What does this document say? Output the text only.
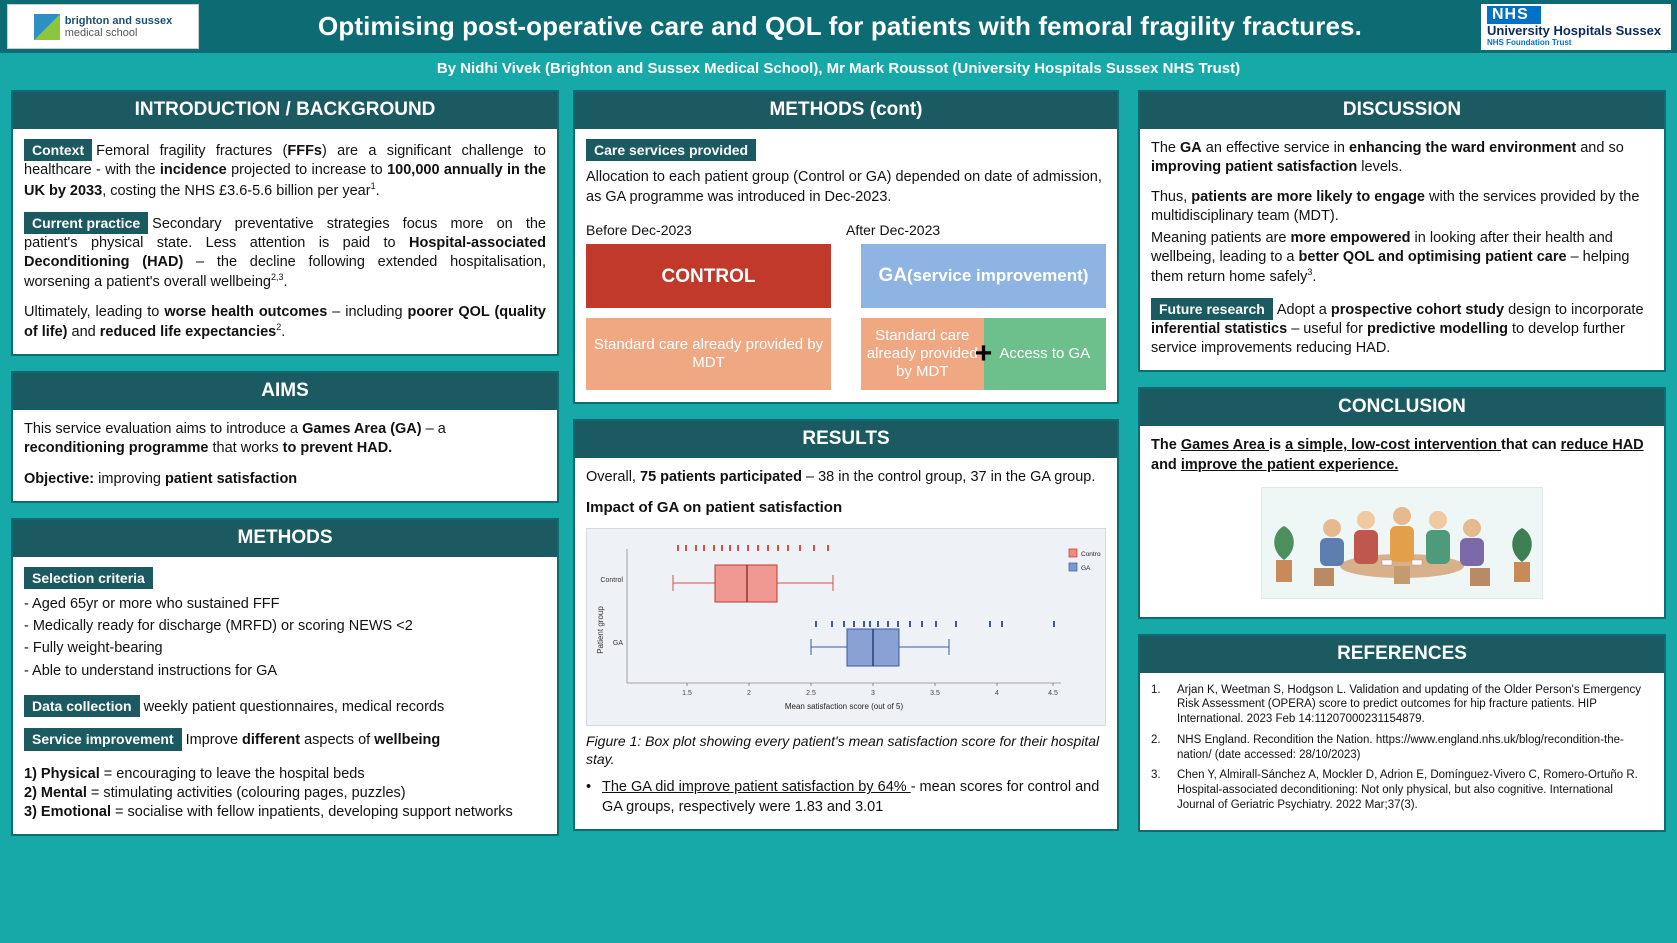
brighton and sussex
medical school	Optimising post-operative care and QOL for patients with femoral fragility fractures.	NHS
University Hospitals Sussex
NHS Foundation Trust
By Nidhi Vivek (Brighton and Sussex Medical School), Mr Mark Roussot (University Hospitals Sussex NHS Trust)
INTRODUCTION / BACKGROUND

Context Femoral fragility fractures (FFFs) are a significant challenge to healthcare - with the incidence projected to increase to 100,000 annually in the UK by 2033, costing the NHS £3.6-5.6 billion per year$^1$.

Current practice Secondary preventative strategies focus more on the patient's physical state. Less attention is paid to Hospital-associated Deconditioning (HAD) – the decline following extended hospitalisation, worsening a patient's overall wellbeing$^{2,3}$.

Ultimately, leading to worse health outcomes – including poorer QOL (quality of life) and reduced life expectancies$^2$.

AIMS

This service evaluation aims to introduce a Games Area (GA) – a reconditioning programme that works to prevent HAD.

Objective: improving patient satisfaction

METHODS

Selection criteria

- Aged 65yr or more who sustained FFF
- Medically ready for discharge (MRFD) or scoring NEWS <2
- Fully weight-bearing
- Able to understand instructions for GA

Data collection weekly patient questionnaires, medical records

Service improvement Improve different aspects of wellbeing

1) Physical = encouraging to leave the hospital beds
2) Mental = stimulating activities (colouring pages, puzzles)
3) Emotional = socialise with fellow inpatients, developing support networks

METHODS (cont)

Care services provided

Allocation to each patient group (Control or GA) depended on date of admission, as GA programme was introduced in Dec-2023.

Before Dec-2023	After Dec-2023
CONTROL
Standard care already provided by MDT
GA (service improvement)
Standard care already provided by MDT
Access to GA
+
RESULTS

Overall, 75 patients participated – 38 in the control group, 37 in the GA group.

Impact of GA on patient satisfaction

Patient group
1.5	2	2.5	3	3.5	4	4.5
Mean satisfaction score (out of 5)
Control
GA
Control
GA
Figure 1: Box plot showing every patient's mean satisfaction score for their hospital stay.
• The GA did improve patient satisfaction by 64% - mean scores for control and GA groups, respectively were 1.83 and 3.01
DISCUSSION

The GA an effective service in enhancing the ward environment and so improving patient satisfaction levels.

Thus, patients are more likely to engage with the services provided by the multidisciplinary team (MDT).

Meaning patients are more empowered in looking after their health and wellbeing, leading to a better QOL and optimising patient care – helping them return home safely$^3$.

Future research Adopt a prospective cohort study design to incorporate inferential statistics – useful for predictive modelling to develop further service improvements reducing HAD.

CONCLUSION

The Games Area is a simple, low-cost intervention that can reduce HAD and improve the patient experience.

REFERENCES
1.	Arjan K, Weetman S, Hodgson L. Validation and updating of the Older Person's Emergency Risk Assessment (OPERA) score to predict outcomes for hip fracture patients. HIP International. 2023 Feb 14:11207000231154879.
2.	NHS England. Recondition the Nation. https://www.england.nhs.uk/blog/recondition-the-nation/ (date accessed: 28/10/2023)
3.	Chen Y, Almirall-Sánchez A, Mockler D, Adrion E, Domínguez-Vivero C, Romero-Ortuño R. Hospital-associated deconditioning: Not only physical, but also cognitive. International Journal of Geriatric Psychiatry. 2022 Mar;37(3).
